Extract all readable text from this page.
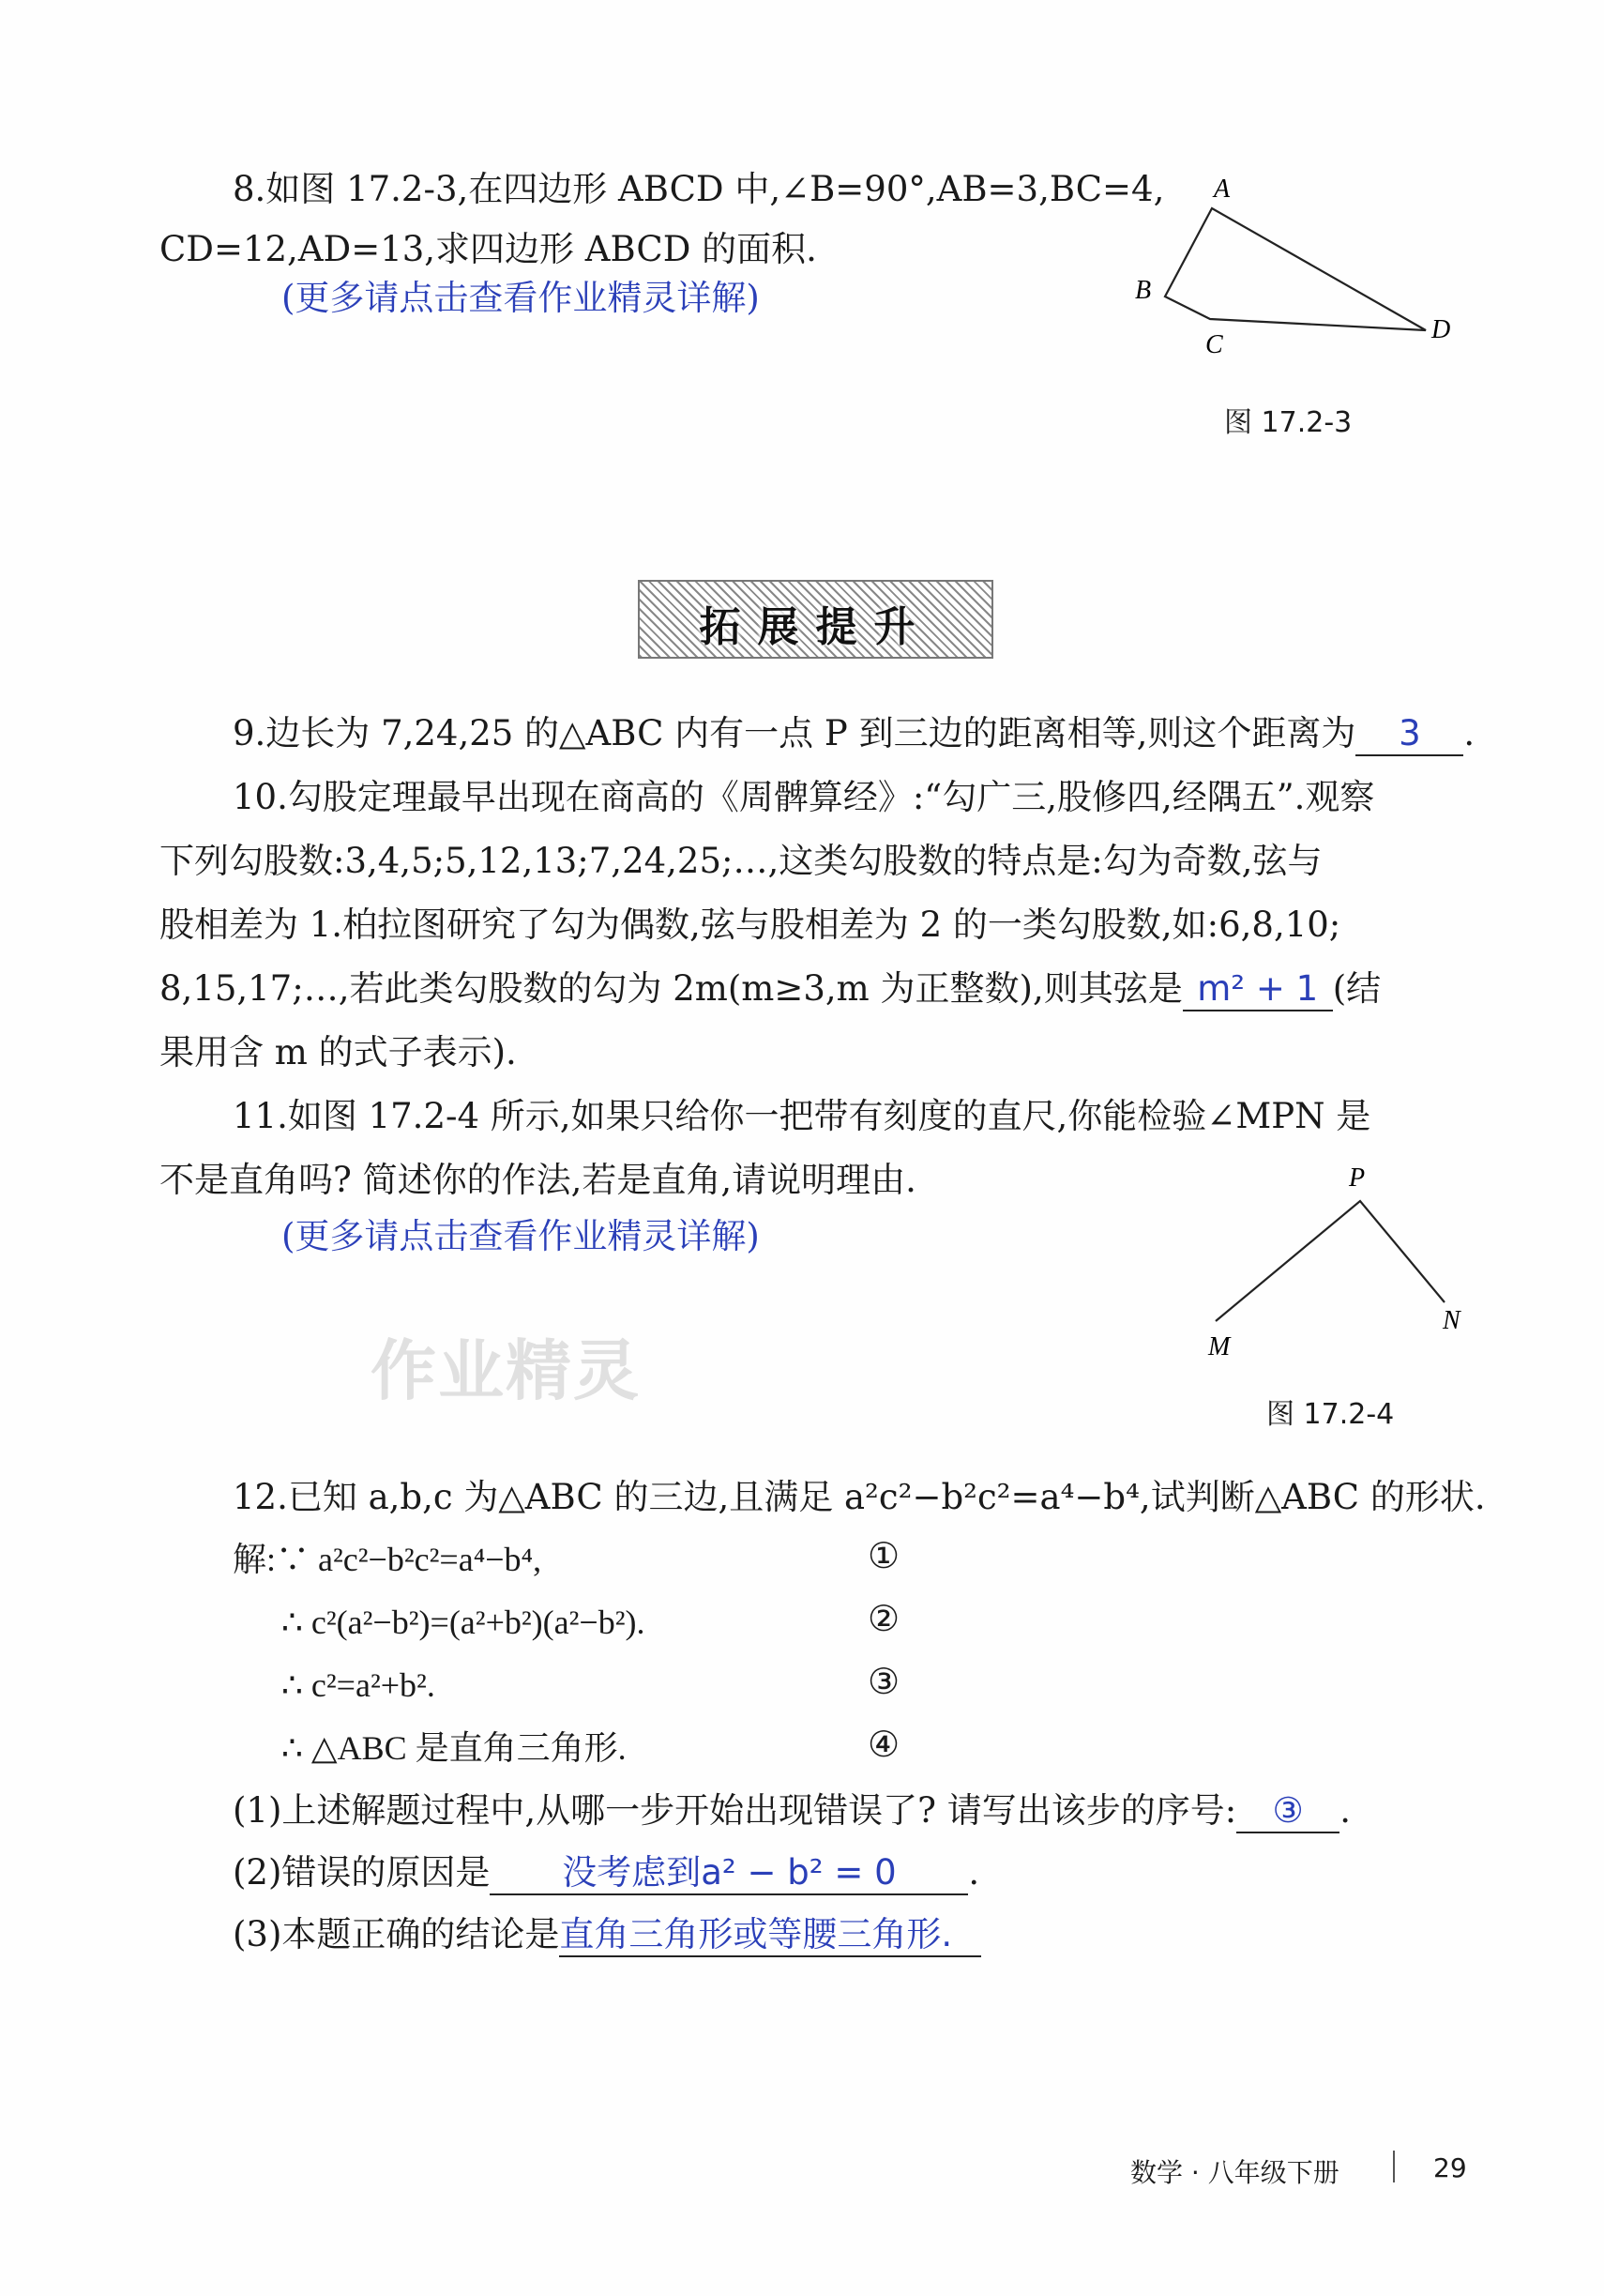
8.如图 17.2-3,在四边形 ABCD 中,∠B=90°,AB=3,BC=4,
CD=12,AD=13,求四边形 ABCD 的面积.
(更多请点击查看作业精灵详解)
A
B
C
D
图 17.2-3
拓展提升
9.边长为 7,24,25 的△ABC 内有一点 P 到三边的距离相等,则这个距离为 3 .
10.勾股定理最早出现在商高的《周髀算经》:“勾广三,股修四,经隅五”.观察
下列勾股数:3,4,5;5,12,13;7,24,25;…,这类勾股数的特点是:勾为奇数,弦与
股相差为 1.柏拉图研究了勾为偶数,弦与股相差为 2 的一类勾股数,如:6,8,10;
8,15,17;…,若此类勾股数的勾为 2m(m≥3,m 为正整数),则其弦是 m² + 1 (结
果用含 m 的式子表示).
11.如图 17.2-4 所示,如果只给你一把带有刻度的直尺,你能检验∠MPN 是
不是直角吗? 简述你的作法,若是直角,请说明理由.
(更多请点击查看作业精灵详解)
P
M
N
图 17.2-4
作业精灵
12.已知 a,b,c 为△ABC 的三边,且满足 a²c²−b²c²=a⁴−b⁴,试判断△ABC 的形状.
解:∵ a²c²−b²c²=a⁴−b⁴,	①
∴ c²(a²−b²)=(a²+b²)(a²−b²).	②
∴ c²=a²+b².	③
∴ △ABC 是直角三角形.	④
(1)上述解题过程中,从哪一步开始出现错误了? 请写出该步的序号: ③ .
(2)错误的原因是 没考虑到a² − b² = 0 .
(3)本题正确的结论是直角三角形或等腰三角形.
数学 · 八年级下册	29
